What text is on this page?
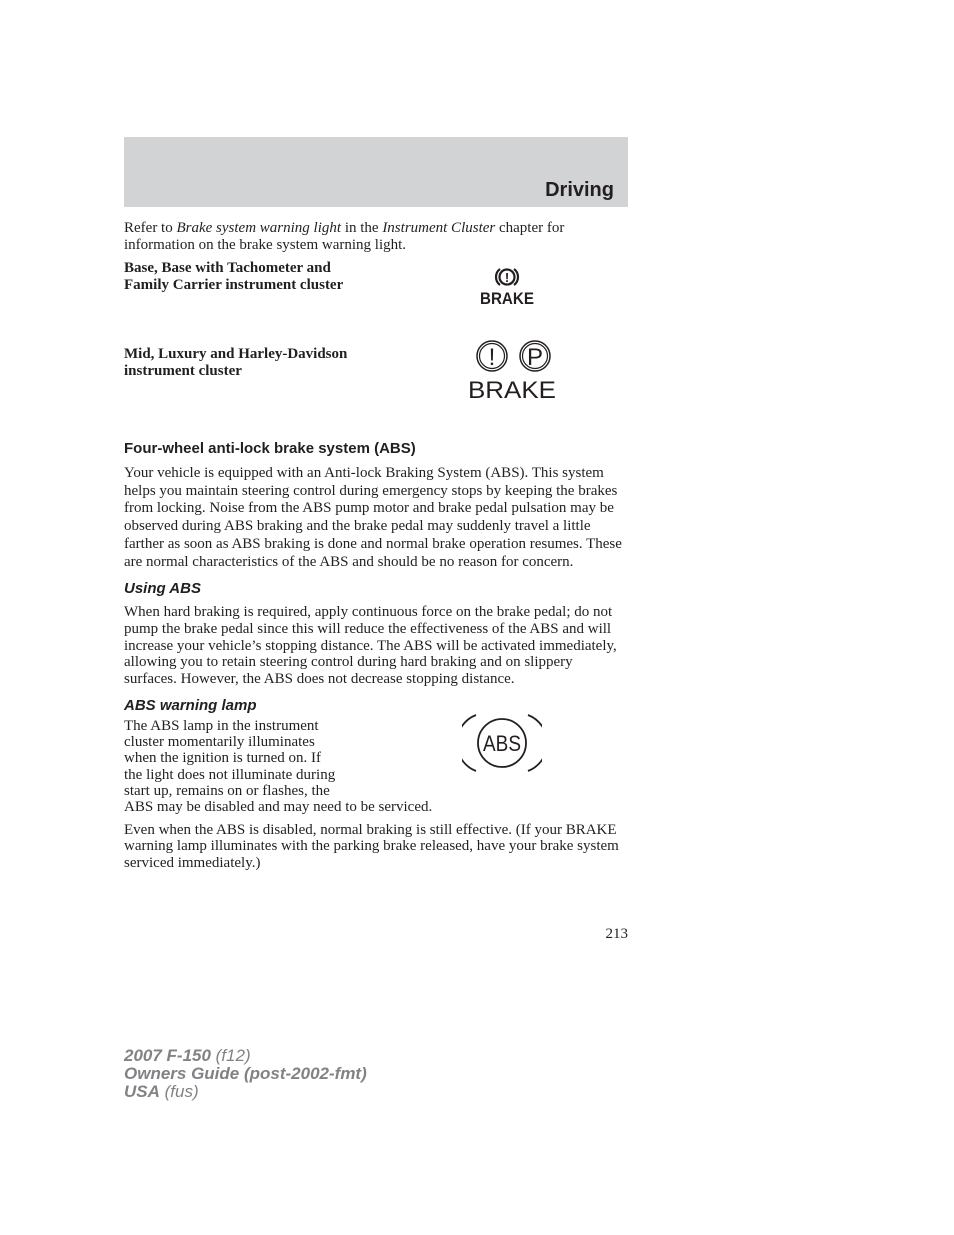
Driving

Refer to Brake system warning light in the Instrument Cluster chapter for information on the brake system warning light.

Base, Base with Tachometer and Family Carrier instrument cluster	!
BRAKE
Mid, Luxury and Harley-Davidson instrument cluster	! P
BRAKE
Four-wheel anti-lock brake system (ABS)

Your vehicle is equipped with an Anti-lock Braking System (ABS). This system helps you maintain steering control during emergency stops by keeping the brakes from locking. Noise from the ABS pump motor and brake pedal pulsation may be observed during ABS braking and the brake pedal may suddenly travel a little farther as soon as ABS braking is done and normal brake operation resumes. These are normal characteristics of the ABS and should be no reason for concern.

Using ABS

When hard braking is required, apply continuous force on the brake pedal; do not pump the brake pedal since this will reduce the effectiveness of the ABS and will increase your vehicle’s stopping distance. The ABS will be activated immediately, allowing you to retain steering control during hard braking and on slippery surfaces. However, the ABS does not decrease stopping distance.

ABS warning lamp

The ABS lamp in the instrument
cluster momentarily illuminates
when the ignition is turned on. If
the light does not illuminate during
start up, remains on or flashes, the
ABS may be disabled and may need to be serviced.

ABS

Even when the ABS is disabled, normal braking is still effective. (If your BRAKE warning lamp illuminates with the parking brake released, have your brake system serviced immediately.)

213
2007 F-150 (f12)
Owners Guide (post-2002-fmt)
USA (fus)
